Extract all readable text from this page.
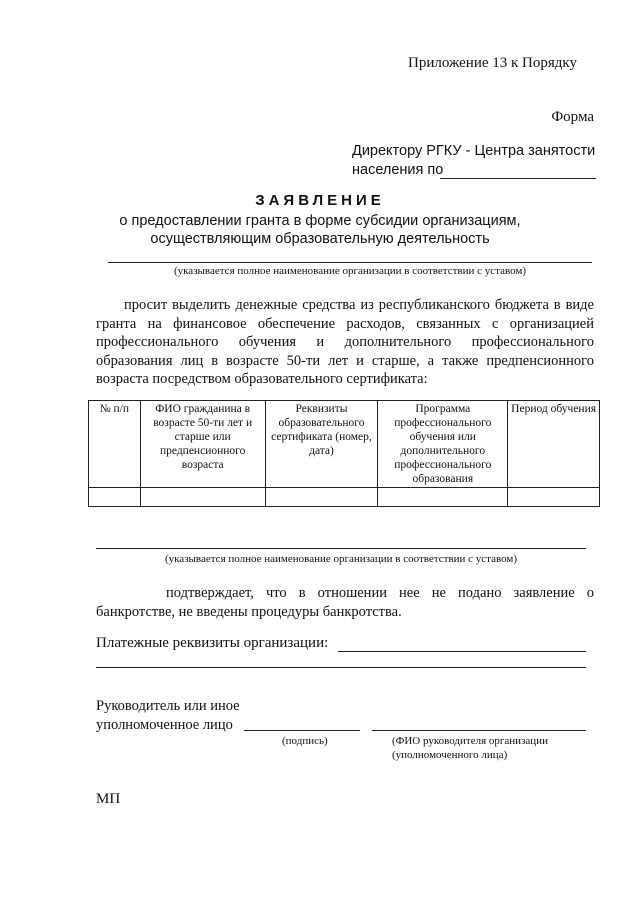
Приложение 13 к Порядку
Форма
Директору РГКУ - Центра занятости
населения по
ЗАЯВЛЕНИЕ
о предоставлении гранта в форме субсидии организациям,
осуществляющим образовательную деятельность
(указывается полное наименование организации в соответствии с уставом)
просит выделить денежные средства из республиканского бюджета в виде гранта на финансовое обеспечение расходов, связанных с организацией профессионального обучения и дополнительного профессионального образования лиц в возрасте 50-ти лет и старше, а также предпенсионного возраста посредством образовательного сертификата:
№ п/п	ФИО гражданина в возрасте 50-ти лет и старше или предпенсионного возраста	Реквизиты образовательного сертификата (номер, дата)	Программа профессионального обучения или дополнительного профессионального образования	Период обучения

(указывается полное наименование организации в соответствии с уставом)
подтверждает, что в отношении нее не подано заявление о банкротстве, не введены процедуры банкротства.
Платежные реквизиты организации:
Руководитель или иное
уполномоченное лицо
(подпись)	(ФИО руководителя организации
(уполномоченного лица)
МП
